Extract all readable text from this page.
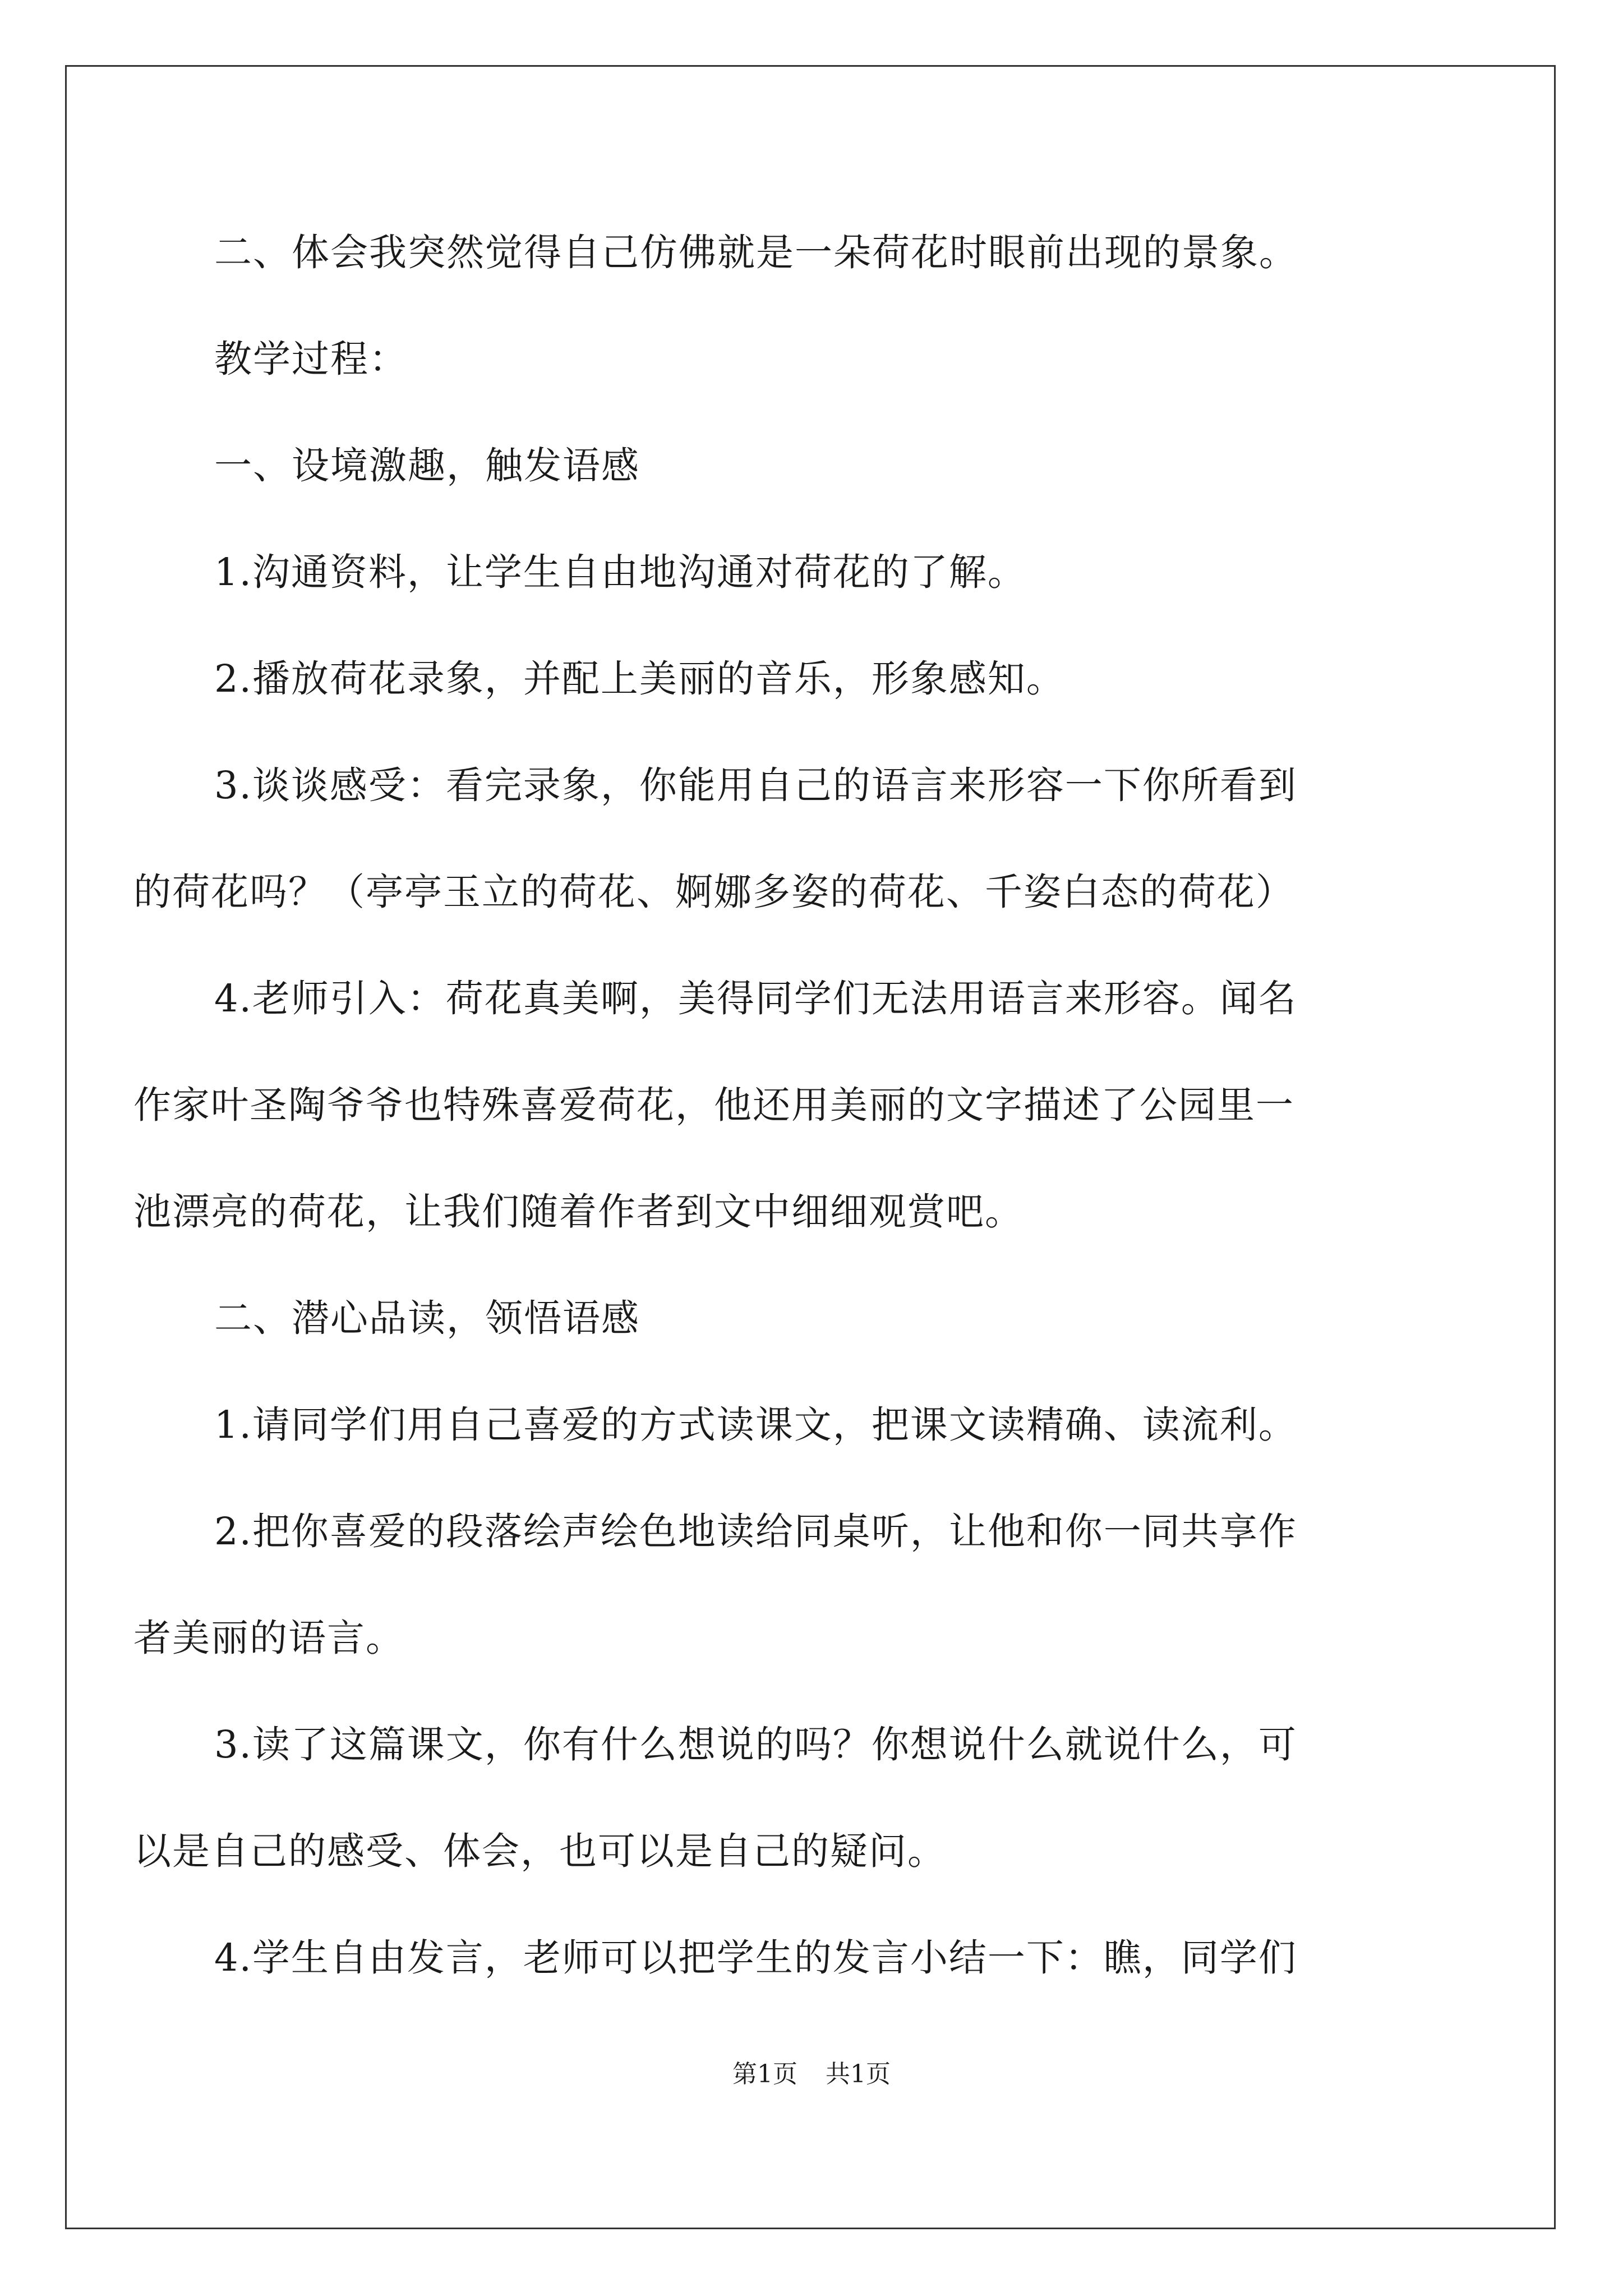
二、体会我突然觉得自己仿佛就是一朵荷花时眼前出现的景象。

教学过程：

一、设境激趣，触发语感

1.沟通资料，让学生自由地沟通对荷花的了解。

2.播放荷花录象，并配上美丽的音乐，形象感知。

3.谈谈感受：看完录象，你能用自己的语言来形容一下你所看到

的荷花吗？（亭亭玉立的荷花、婀娜多姿的荷花、千姿白态的荷花）

4.老师引入：荷花真美啊，美得同学们无法用语言来形容。闻名

作家叶圣陶爷爷也特殊喜爱荷花，他还用美丽的文字描述了公园里一

池漂亮的荷花，让我们随着作者到文中细细观赏吧。

二、潜心品读，领悟语感

1.请同学们用自己喜爱的方式读课文，把课文读精确、读流利。

2.把你喜爱的段落绘声绘色地读给同桌听，让他和你一同共享作

者美丽的语言。

3.读了这篇课文，你有什么想说的吗？你想说什么就说什么，可

以是自己的感受、体会，也可以是自己的疑问。

4.学生自由发言，老师可以把学生的发言小结一下：瞧，同学们

第1页 共1页
